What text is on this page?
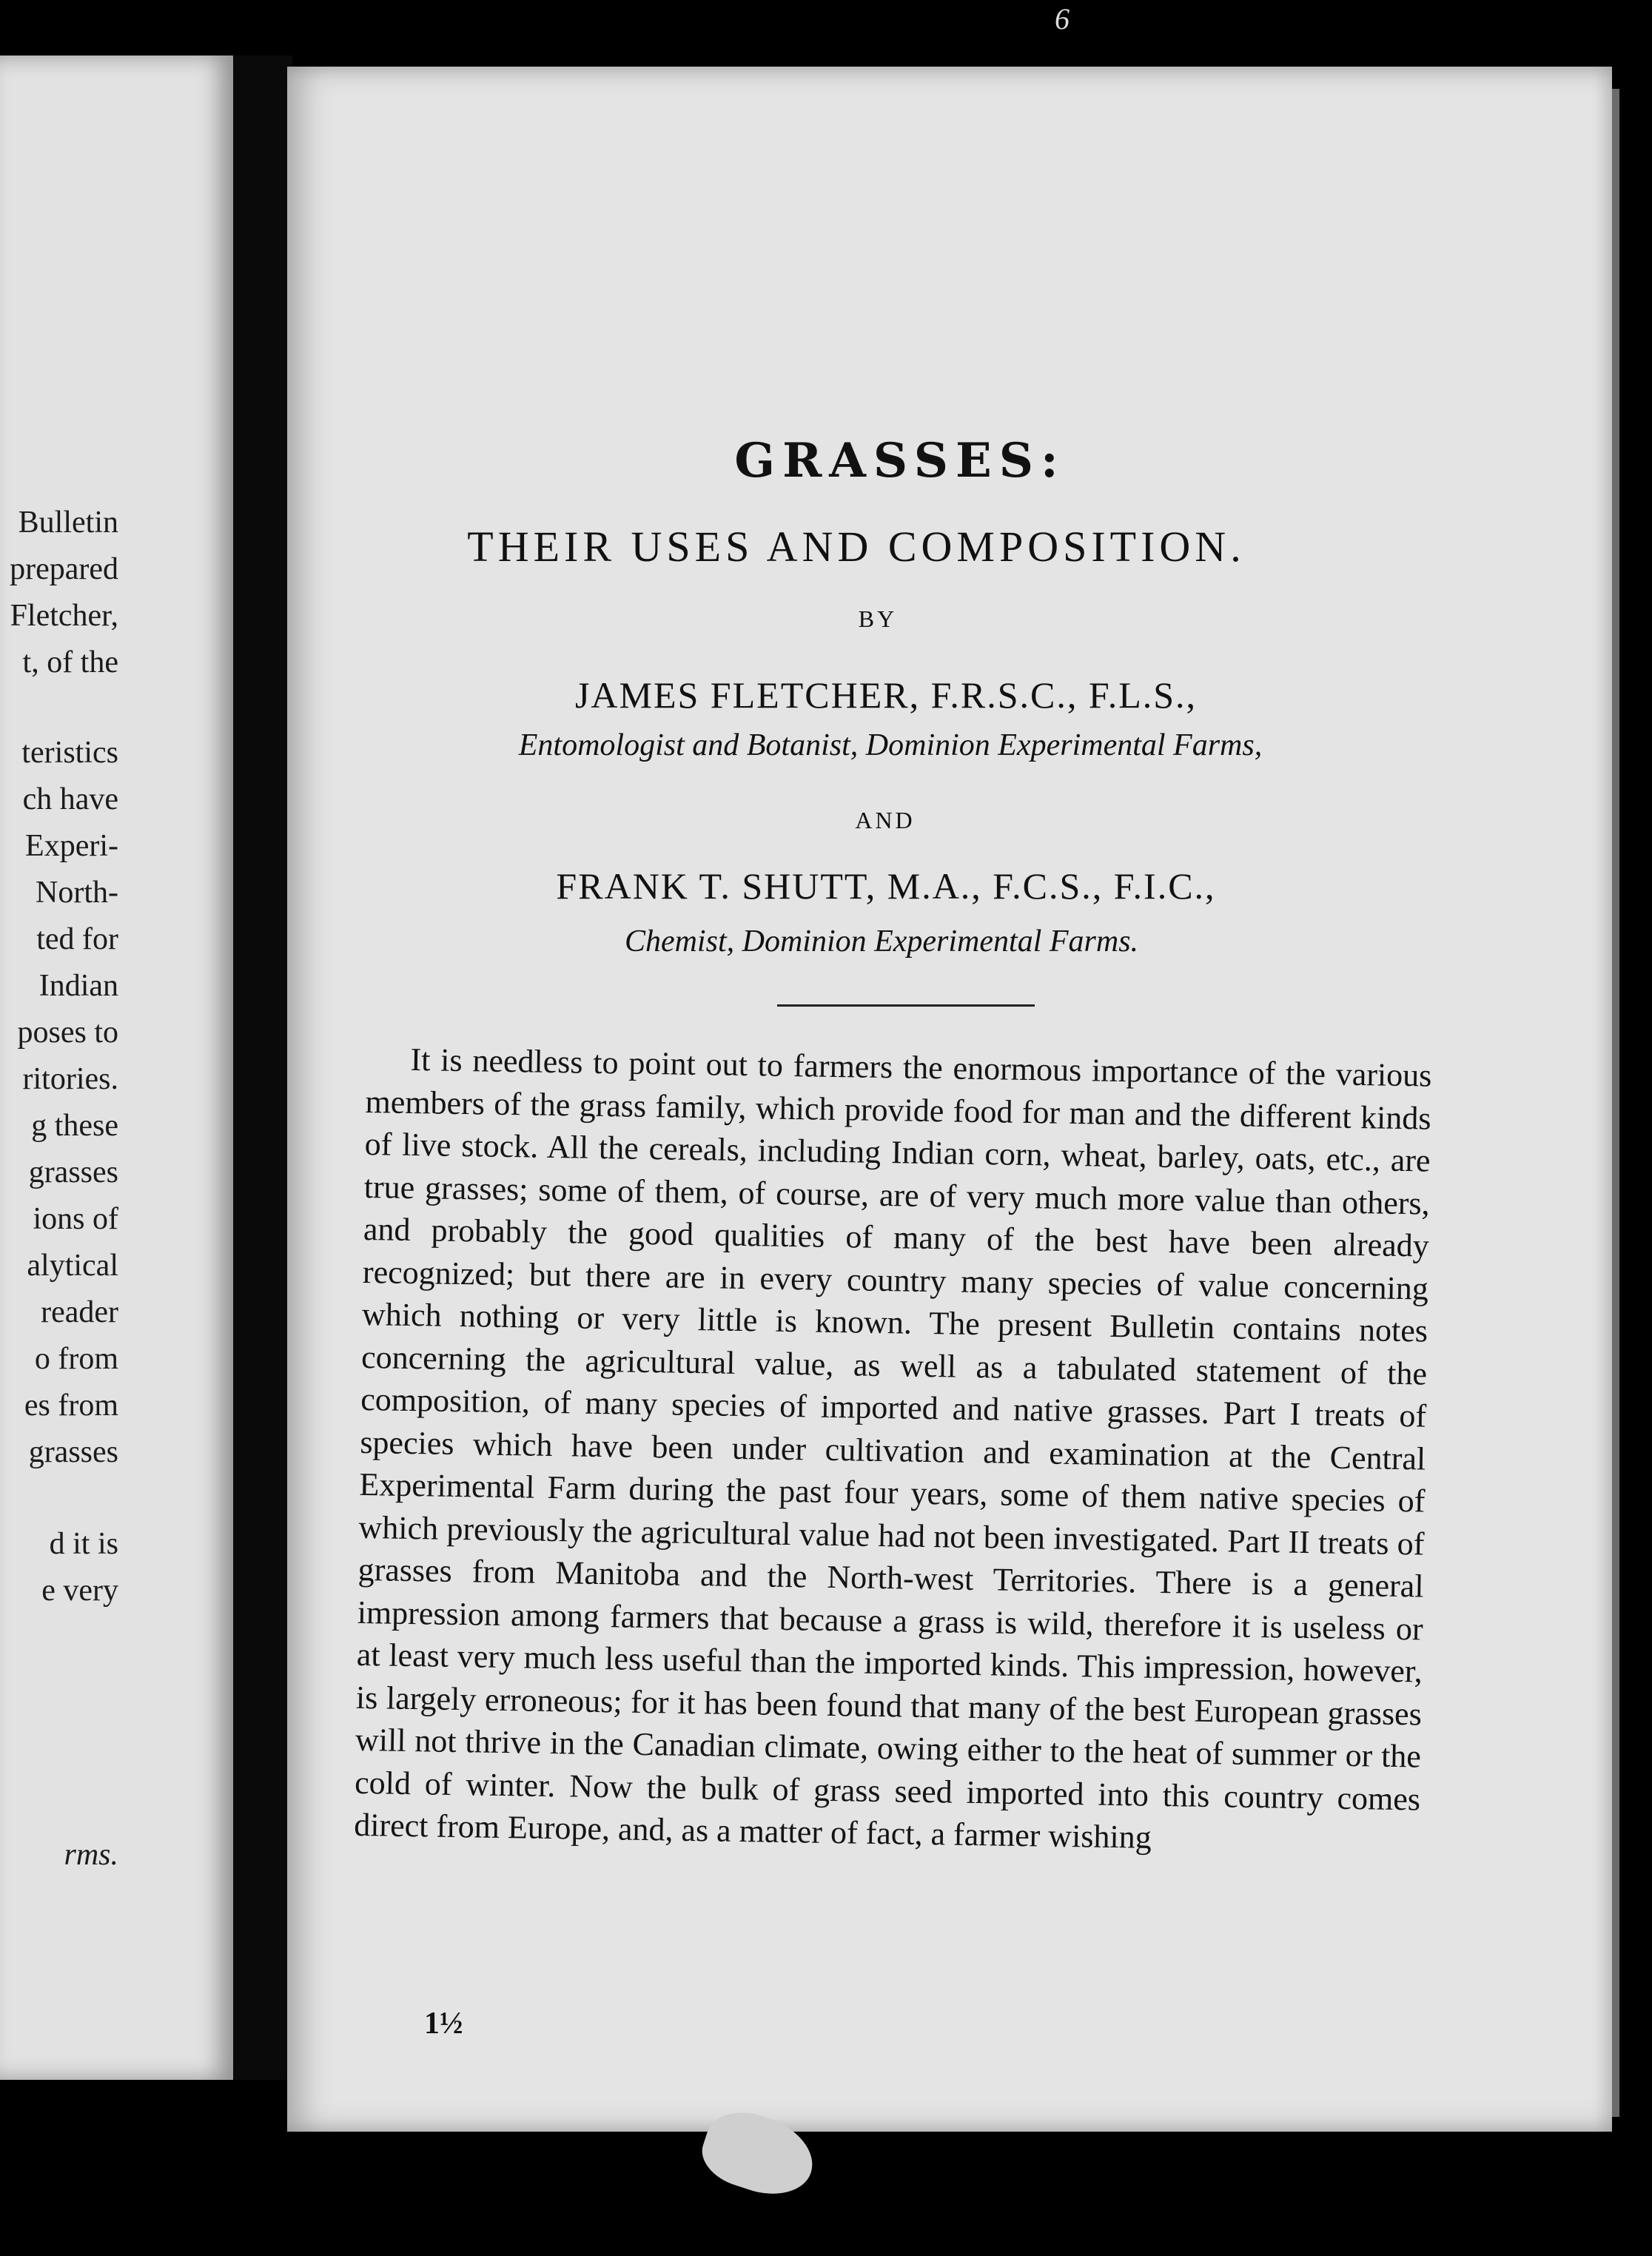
6
Bulletin
prepared
Fletcher,
t, of the
teristics
ch have
Experi-
North-
ted for
Indian
poses to
ritories.
g these
grasses
ions of
alytical
reader
o from
es from
grasses
d it is
e very
rms.
GRASSES:
THEIR USES AND COMPOSITION.
BY
JAMES FLETCHER, F.R.S.C., F.L.S.,
Entomologist and Botanist, Dominion Experimental Farms,
AND
FRANK T. SHUTT, M.A., F.C.S., F.I.C.,
Chemist, Dominion Experimental Farms.

It is needless to point out to farmers the enormous importance of the various members of the grass family, which provide food for man and the different kinds of live stock. All the cereals, including Indian corn, wheat, barley, oats, etc., are true grasses; some of them, of course, are of very much more value than others, and probably the good qualities of many of the best have been already recognized; but there are in every country many species of value concerning which nothing or very little is known. The present Bulletin contains notes concerning the agricultural value, as well as a tabulated statement of the composition, of many species of imported and native grasses. Part I treats of species which have been under cultivation and examination at the Central Experimental Farm during the past four years, some of them native species of which previously the agricultural value had not been investigated. Part II treats of grasses from Manitoba and the North-west Territories. There is a general impression among farmers that because a grass is wild, therefore it is useless or at least very much less useful than the imported kinds. This impression, however, is largely erroneous; for it has been found that many of the best European grasses will not thrive in the Canadian climate, owing either to the heat of summer or the cold of winter. Now the bulk of grass seed imported into this country comes direct from Europe, and, as a matter of fact, a farmer wishing

1½
